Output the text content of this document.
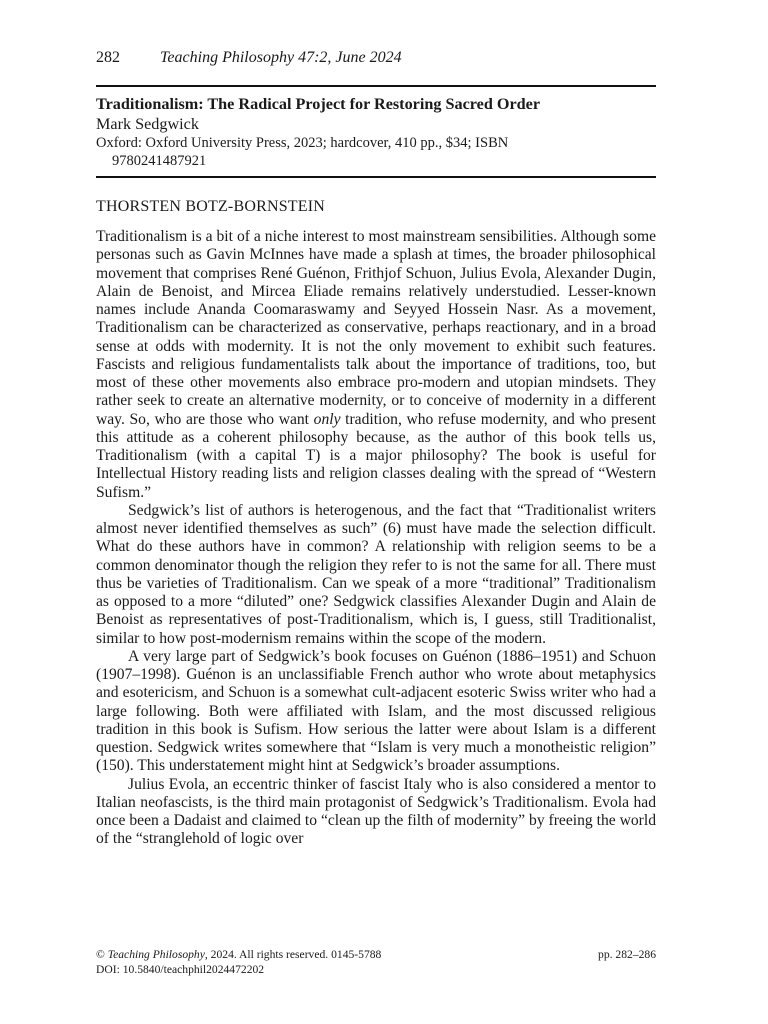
282	Teaching Philosophy 47:2, June 2024

Traditionalism: The Radical Project for Restoring Sacred Order

Mark Sedgwick

Oxford: Oxford University Press, 2023; hardcover, 410 pp., $34; ISBN
9780241487921

THORSTEN BOTZ-BORNSTEIN

Traditionalism is a bit of a niche interest to most mainstream sensibilities. Although some personas such as Gavin McInnes have made a splash at times, the broader philosophical movement that comprises René Guénon, Frithjof Schuon, Julius Evola, Alexander Dugin, Alain de Benoist, and Mircea Eliade remains relatively understudied. Lesser-known names include Ananda Coomaraswamy and Seyyed Hossein Nasr. As a movement, Traditionalism can be characterized as conservative, perhaps reactionary, and in a broad sense at odds with modernity. It is not the only movement to exhibit such features. Fascists and religious fundamentalists talk about the importance of traditions, too, but most of these other movements also embrace pro-modern and utopian mindsets. They rather seek to create an alternative modernity, or to conceive of modernity in a different way. So, who are those who want only tradition, who refuse modernity, and who present this attitude as a coherent philosophy because, as the author of this book tells us, Traditionalism (with a capital T) is a major philosophy? The book is useful for Intellectual History reading lists and religion classes dealing with the spread of “Western Sufism.”

Sedgwick’s list of authors is heterogenous, and the fact that “Traditionalist writers almost never identified themselves as such” (6) must have made the selection difficult. What do these authors have in common? A relationship with religion seems to be a common denominator though the religion they refer to is not the same for all. There must thus be varieties of Traditionalism. Can we speak of a more “traditional” Traditionalism as opposed to a more “diluted” one? Sedgwick classifies Alexander Dugin and Alain de Benoist as representatives of post-Traditionalism, which is, I guess, still Traditionalist, similar to how post-modernism remains within the scope of the modern.

A very large part of Sedgwick’s book focuses on Guénon (1886–1951) and Schuon (1907–1998). Guénon is an unclassifiable French author who wrote about metaphysics and esotericism, and Schuon is a somewhat cult-adjacent esoteric Swiss writer who had a large following. Both were affiliated with Islam, and the most discussed religious tradition in this book is Sufism. How serious the latter were about Islam is a different question. Sedgwick writes somewhere that “Islam is very much a monotheistic religion” (150). This understatement might hint at Sedgwick’s broader assumptions.

Julius Evola, an eccentric thinker of fascist Italy who is also considered a mentor to Italian neofascists, is the third main protagonist of Sedgwick’s Traditionalism. Evola had once been a Dadaist and claimed to “clean up the filth of modernity” by freeing the world of the “stranglehold of logic over

© Teaching Philosophy, 2024. All rights reserved. 0145-5788	pp. 282–286
DOI: 10.5840/teachphil2024472202
